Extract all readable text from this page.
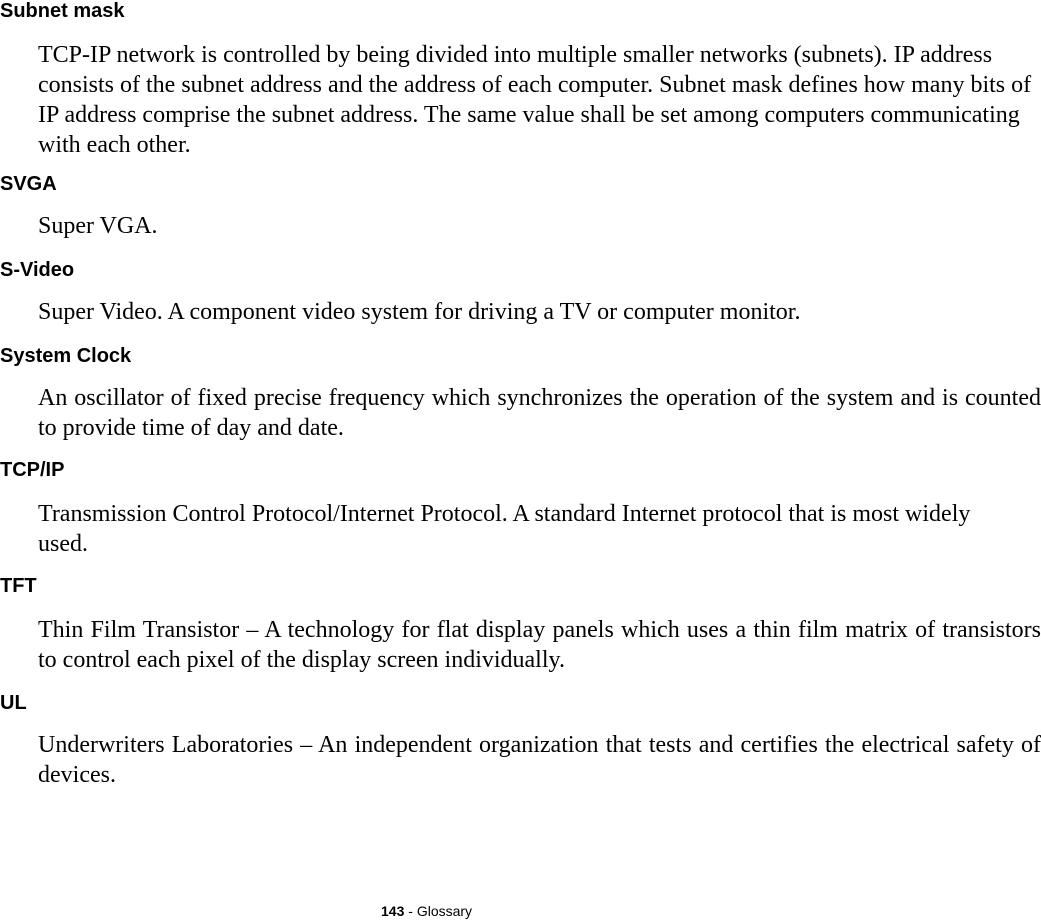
Subnet mask

TCP-IP network is controlled by being divided into multiple smaller networks (subnets). IP address consists of the subnet address and the address of each computer. Subnet mask defines how many bits of IP address comprise the subnet address. The same value shall be set among computers communicating with each other.

SVGA

Super VGA.

S-Video

Super Video. A component video system for driving a TV or computer monitor.

System Clock

An oscillator of fixed precise frequency which synchronizes the operation of the system and is counted to provide time of day and date.

TCP/IP

Transmission Control Protocol/Internet Protocol. A standard Internet protocol that is most widely used.

TFT

Thin Film Transistor – A technology for flat display panels which uses a thin film matrix of transistors to control each pixel of the display screen individually.

UL

Underwriters Laboratories – An independent organization that tests and certifies the electrical safety of devices.

143 - Glossary
